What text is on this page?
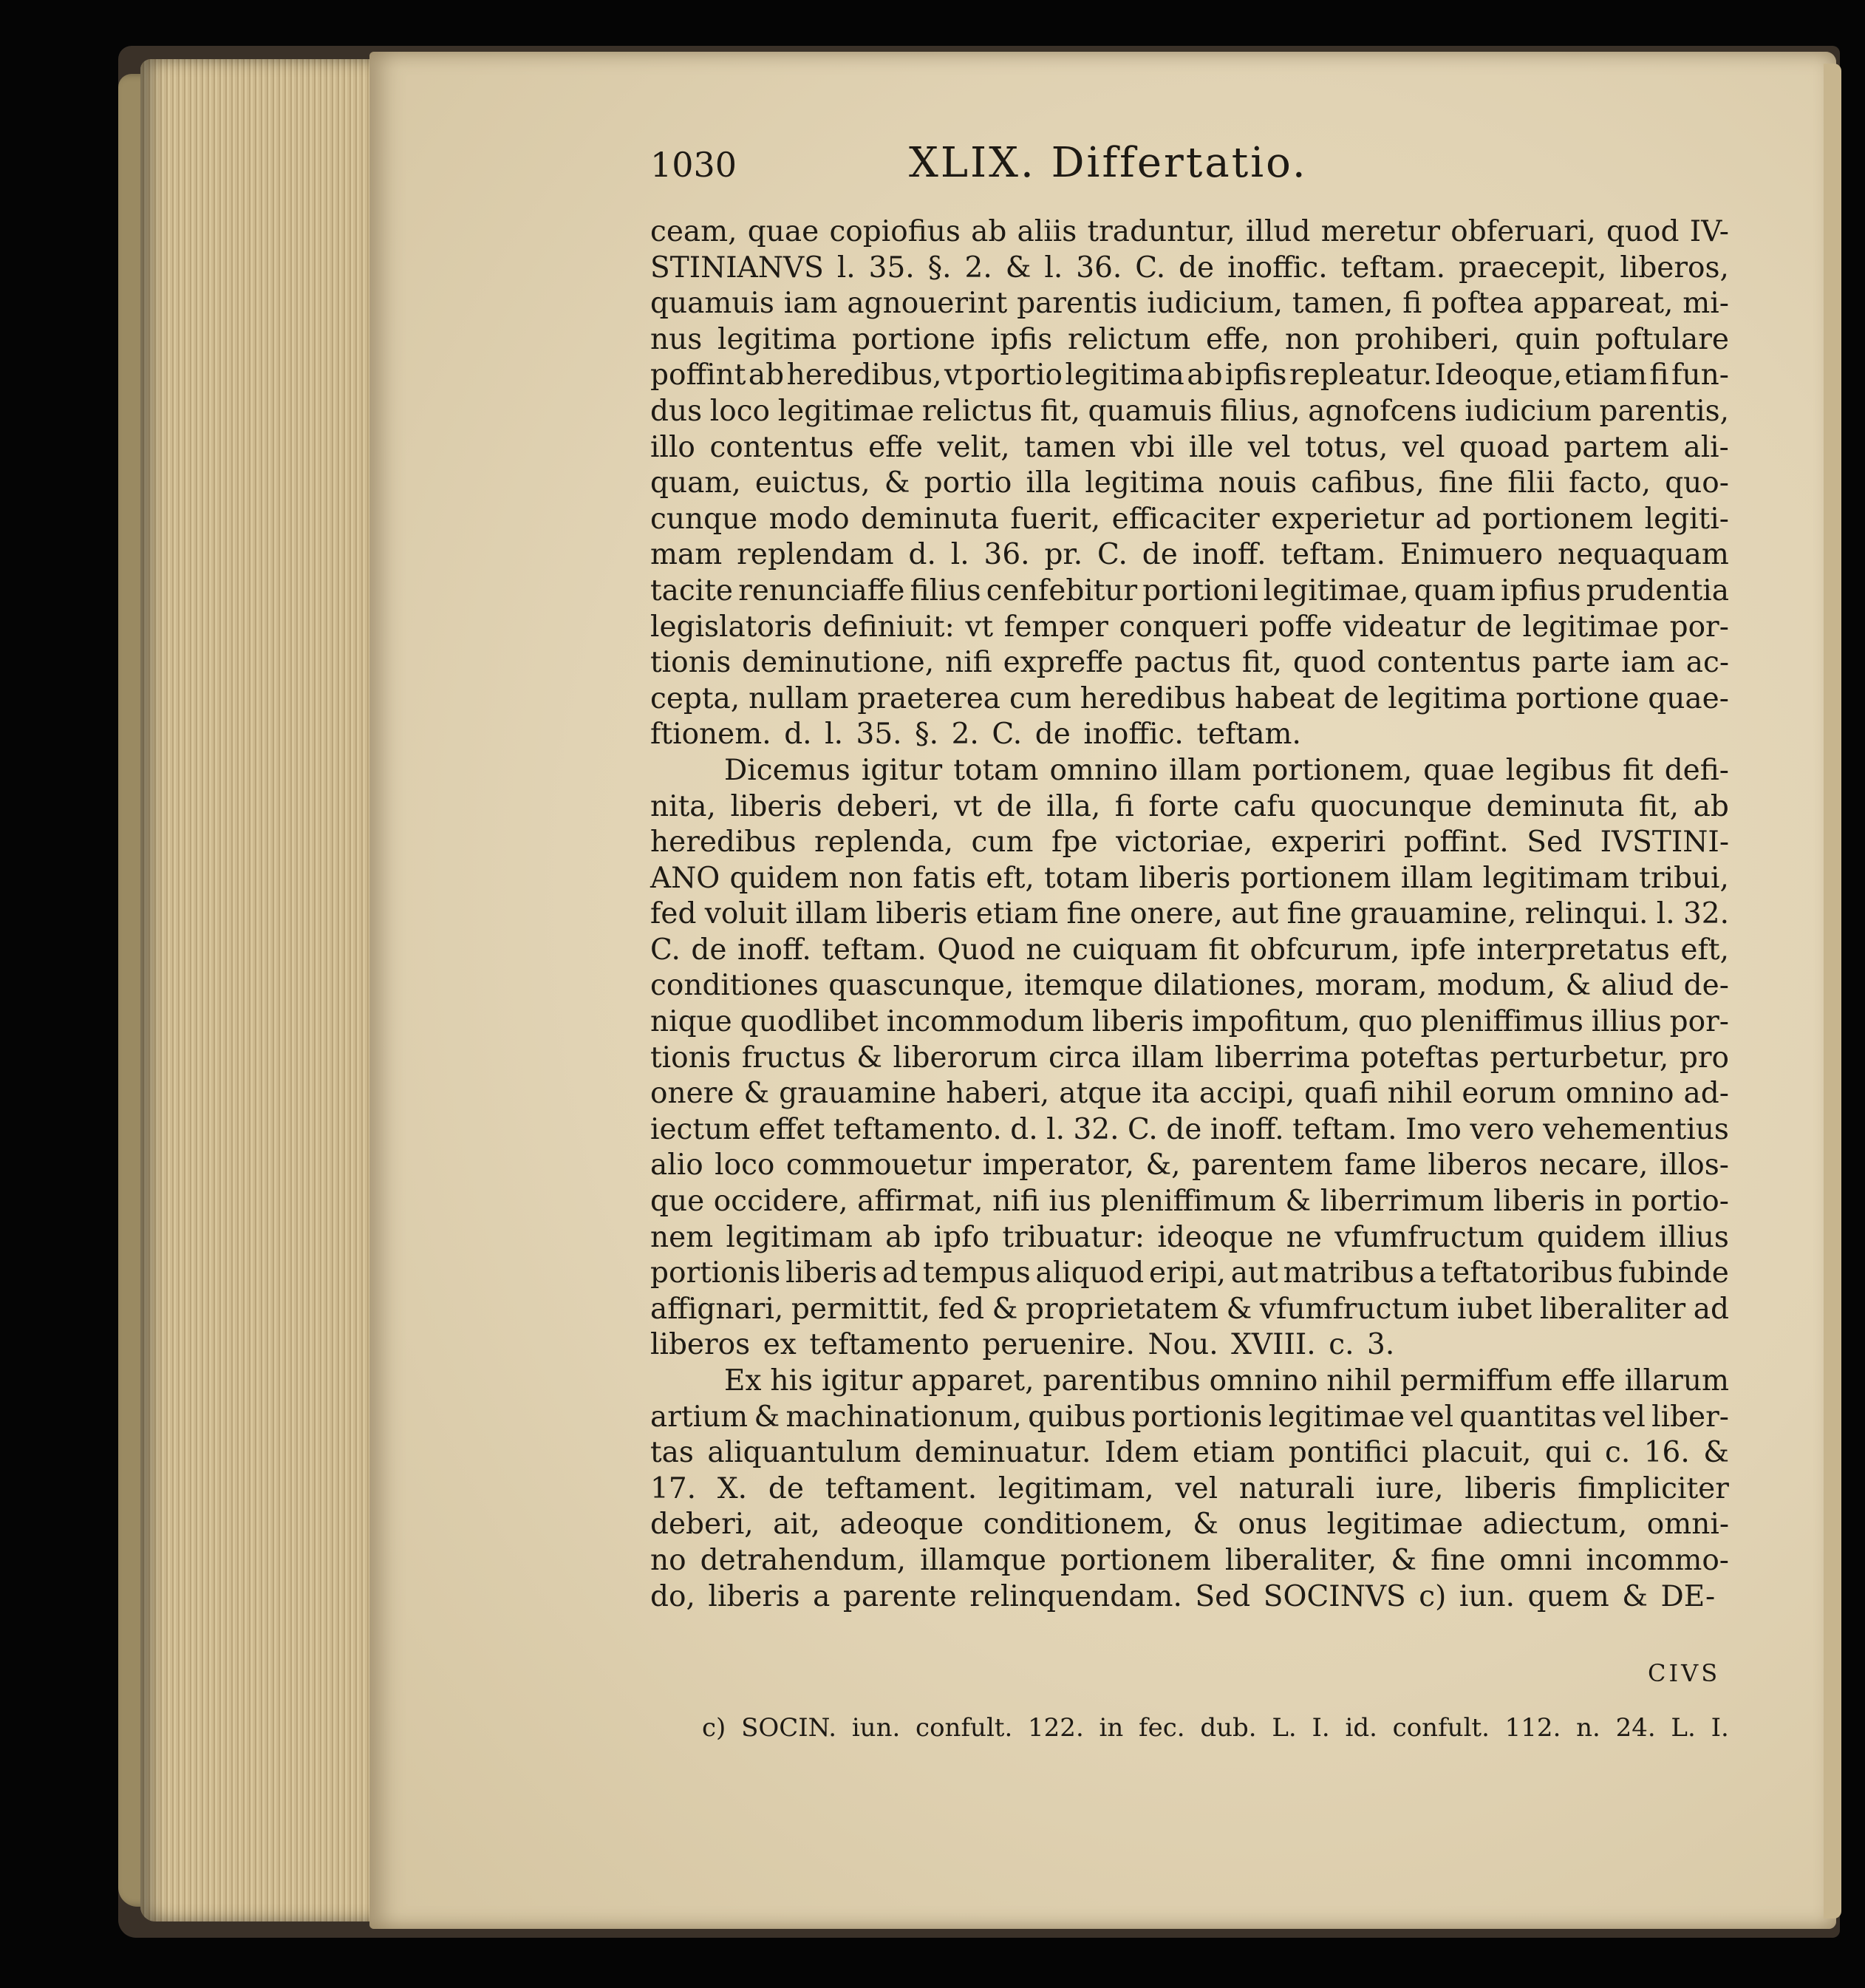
1030	XLIX. Differtatio.
ceam, quae copiofius ab aliis traduntur, illud meretur obferuari, quod IV-
STINIANVS l. 35. §. 2. & l. 36. C. de inoffic. teftam. praecepit, liberos,
quamuis iam agnouerint parentis iudicium, tamen, fi poftea appareat, mi-
nus legitima portione ipfis relictum effe, non prohiberi, quin poftulare
poffint ab heredibus, vt portio legitima ab ipfis repleatur. Ideoque, etiam fi fun-
dus loco legitimae relictus fit, quamuis filius, agnofcens iudicium parentis,
illo contentus effe velit, tamen vbi ille vel totus, vel quoad partem ali-
quam, euictus, & portio illa legitima nouis cafibus, fine filii facto, quo-
cunque modo deminuta fuerit, efficaciter experietur ad portionem legiti-
mam replendam d. l. 36. pr. C. de inoff. teftam. Enimuero nequaquam
tacite renunciaffe filius cenfebitur portioni legitimae, quam ipfius prudentia
legislatoris definiuit: vt femper conqueri poffe videatur de legitimae por-
tionis deminutione, nifi expreffe pactus fit, quod contentus parte iam ac-
cepta, nullam praeterea cum heredibus habeat de legitima portione quae-
ftionem. d. l. 35. §. 2. C. de inoffic. teftam.
Dicemus igitur totam omnino illam portionem, quae legibus fit defi-
nita, liberis deberi, vt de illa, fi forte cafu quocunque deminuta fit, ab
heredibus replenda, cum fpe victoriae, experiri poffint. Sed IVSTINI-
ANO quidem non fatis eft, totam liberis portionem illam legitimam tribui,
fed voluit illam liberis etiam fine onere, aut fine grauamine, relinqui. l. 32.
C. de inoff. teftam. Quod ne cuiquam fit obfcurum, ipfe interpretatus eft,
conditiones quascunque, itemque dilationes, moram, modum, & aliud de-
nique quodlibet incommodum liberis impofitum, quo pleniffimus illius por-
tionis fructus & liberorum circa illam liberrima poteftas perturbetur, pro
onere & grauamine haberi, atque ita accipi, quafi nihil eorum omnino ad-
iectum effet teftamento. d. l. 32. C. de inoff. teftam. Imo vero vehementius
alio loco commouetur imperator, &, parentem fame liberos necare, illos-
que occidere, affirmat, nifi ius pleniffimum & liberrimum liberis in portio-
nem legitimam ab ipfo tribuatur: ideoque ne vfumfructum quidem illius
portionis liberis ad tempus aliquod eripi, aut matribus a teftatoribus fubinde
affignari, permittit, fed & proprietatem & vfumfructum iubet liberaliter ad
liberos ex teftamento peruenire. Nou. XVIII. c. 3.
Ex his igitur apparet, parentibus omnino nihil permiffum effe illarum
artium & machinationum, quibus portionis legitimae vel quantitas vel liber-
tas aliquantulum deminuatur. Idem etiam pontifici placuit, qui c. 16. &
17. X. de teftament. legitimam, vel naturali iure, liberis fimpliciter
deberi, ait, adeoque conditionem, & onus legitimae adiectum, omni-
no detrahendum, illamque portionem liberaliter, & fine omni incommo-
do, liberis a parente relinquendam. Sed SOCINVS c) iun. quem & DE-
CIVS
c) SOCIN. iun. confult. 122. in fec. dub. L. I. id. confult. 112. n. 24. L. I.
